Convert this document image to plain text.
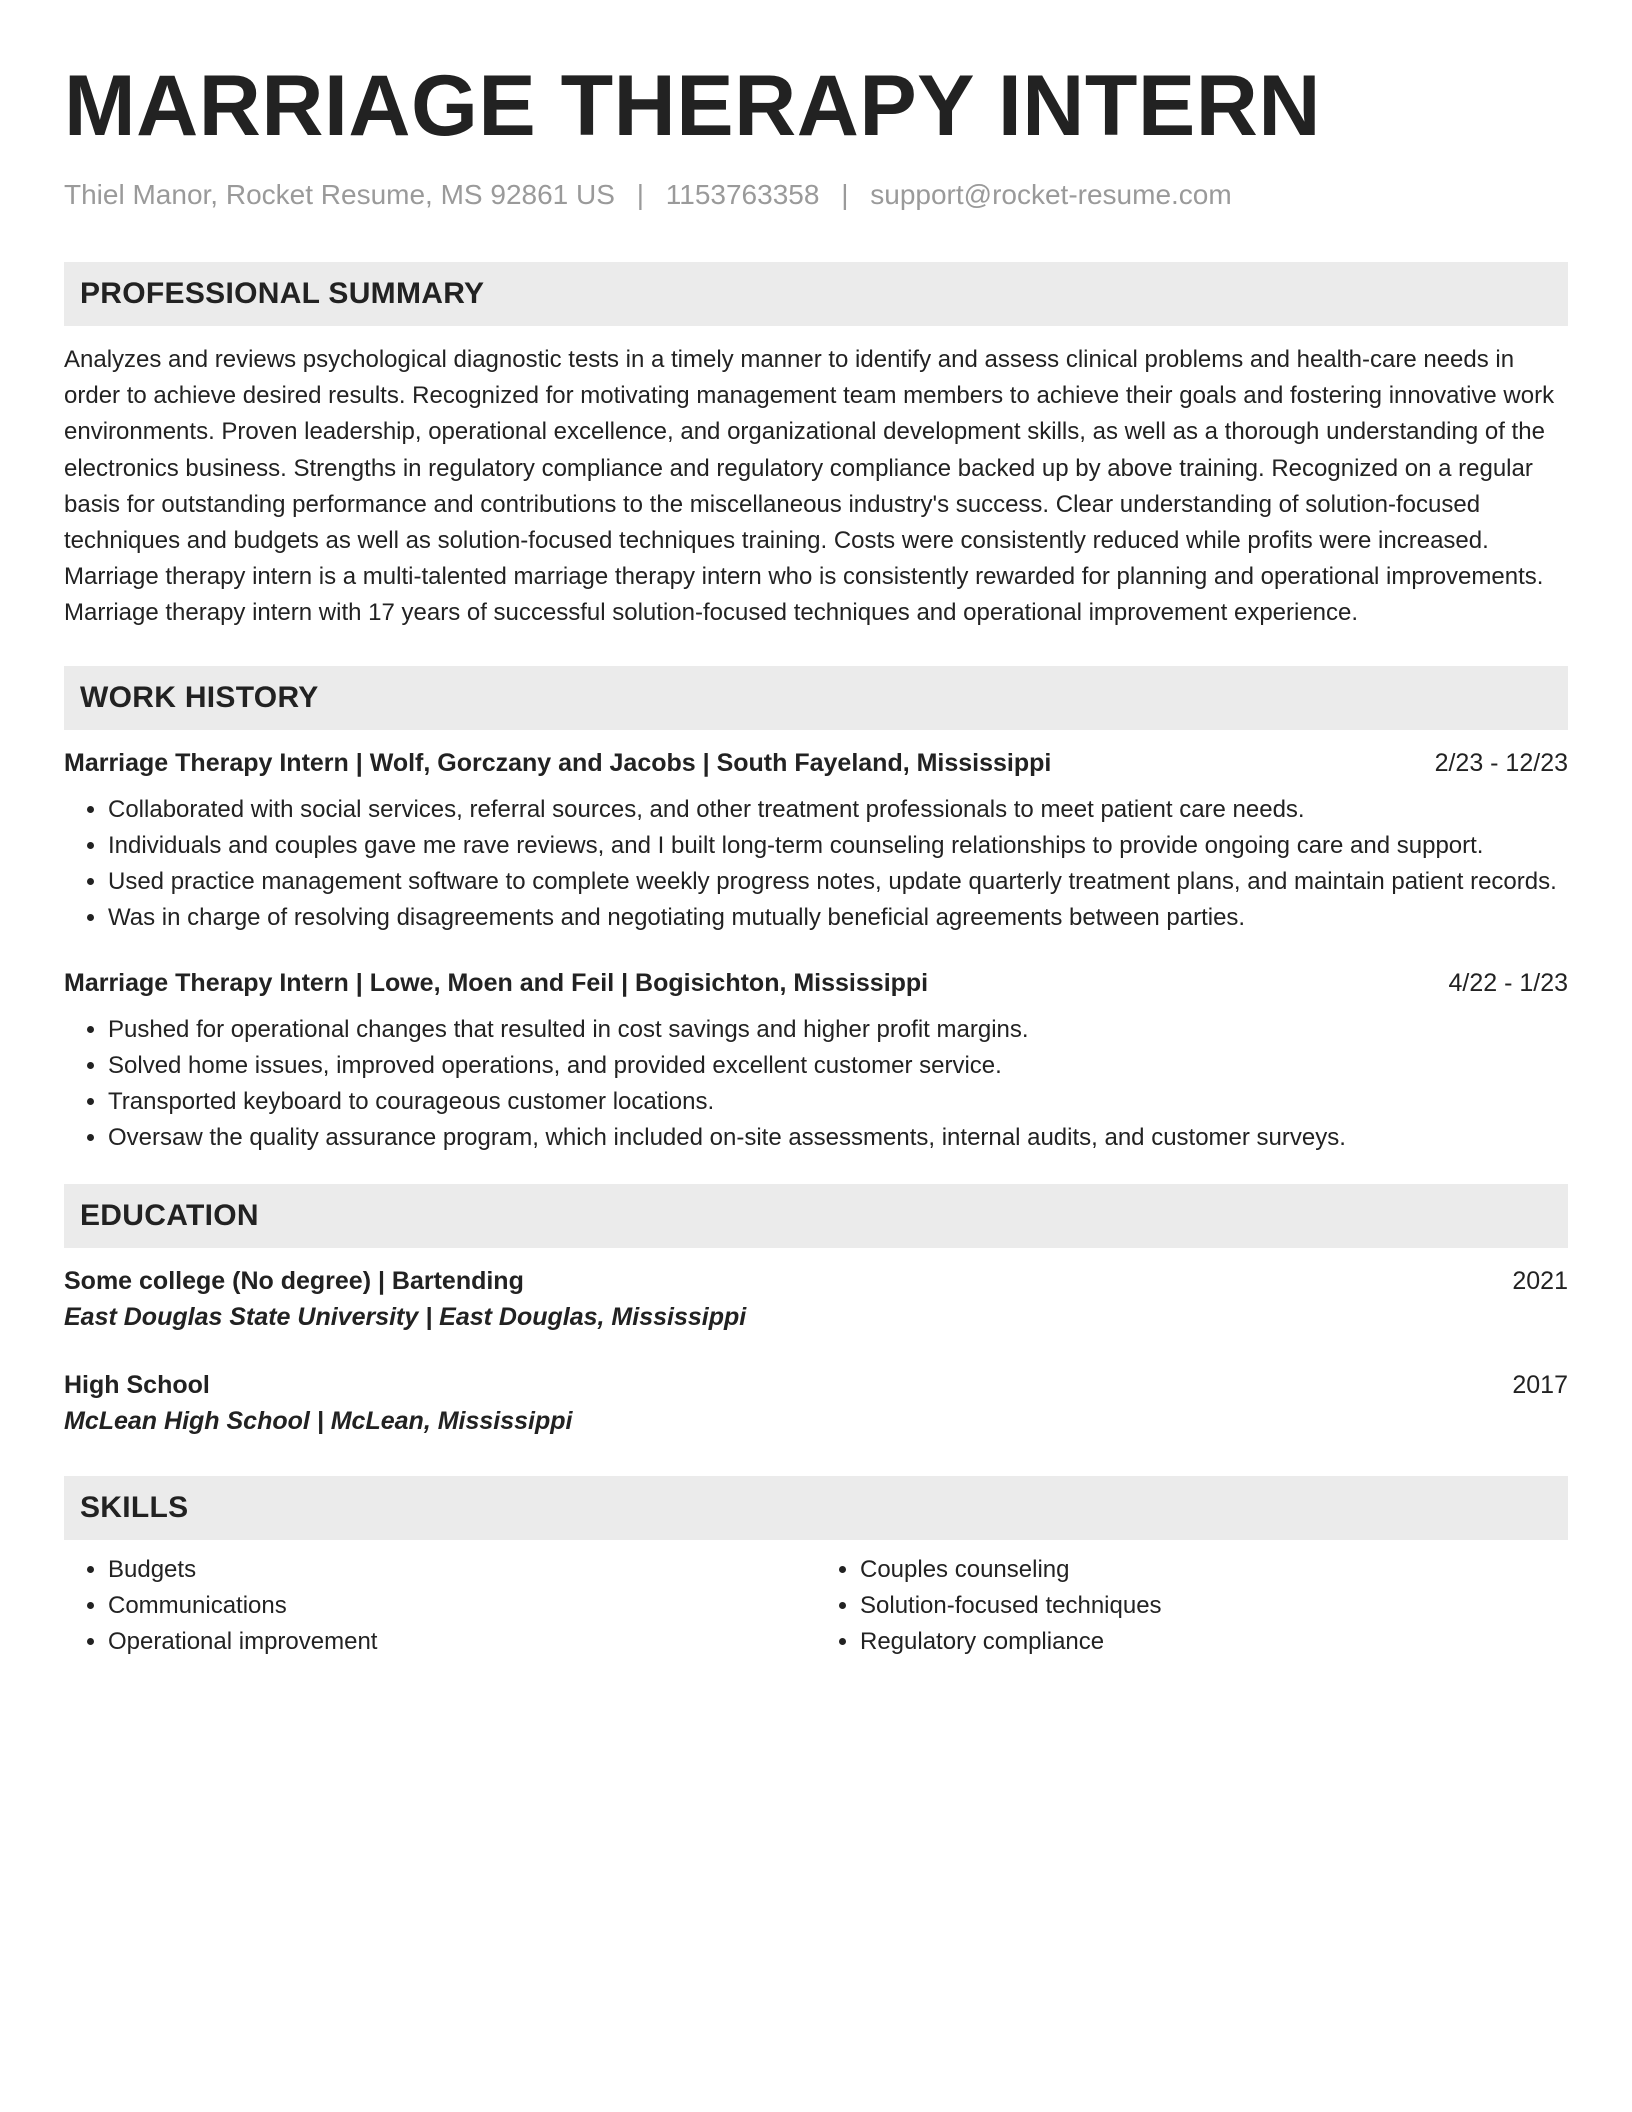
MARRIAGE THERAPY INTERN
Thiel Manor, Rocket Resume, MS 92861 US | 1153763358 | support@rocket-resume.com
PROFESSIONAL SUMMARY

Analyzes and reviews psychological diagnostic tests in a timely manner to identify and assess clinical problems and health-care needs in order to achieve desired results. Recognized for motivating management team members to achieve their goals and fostering innovative work environments. Proven leadership, operational excellence, and organizational development skills, as well as a thorough understanding of the electronics business. Strengths in regulatory compliance and regulatory compliance backed up by above training. Recognized on a regular basis for outstanding performance and contributions to the miscellaneous industry's success. Clear understanding of solution-focused techniques and budgets as well as solution-focused techniques training. Costs were consistently reduced while profits were increased. Marriage therapy intern is a multi-talented marriage therapy intern who is consistently rewarded for planning and operational improvements. Marriage therapy intern with 17 years of successful solution-focused techniques and operational improvement experience.

WORK HISTORY
Marriage Therapy Intern | Wolf, Gorczany and Jacobs | South Fayeland, Mississippi	2/23 - 12/23
• Collaborated with social services, referral sources, and other treatment professionals to meet patient care needs.
• Individuals and couples gave me rave reviews, and I built long-term counseling relationships to provide ongoing care and support.
• Used practice management software to complete weekly progress notes, update quarterly treatment plans, and maintain patient records.
• Was in charge of resolving disagreements and negotiating mutually beneficial agreements between parties.
Marriage Therapy Intern | Lowe, Moen and Feil | Bogisichton, Mississippi	4/22 - 1/23
• Pushed for operational changes that resulted in cost savings and higher profit margins.
• Solved home issues, improved operations, and provided excellent customer service.
• Transported keyboard to courageous customer locations.
• Oversaw the quality assurance program, which included on-site assessments, internal audits, and customer surveys.
EDUCATION
Some college (No degree) | Bartending	2021
East Douglas State University | East Douglas, Mississippi
High School	2017
McLean High School | McLean, Mississippi
SKILLS
• Budgets
• Communications
• Operational improvement
• Couples counseling
• Solution-focused techniques
• Regulatory compliance
